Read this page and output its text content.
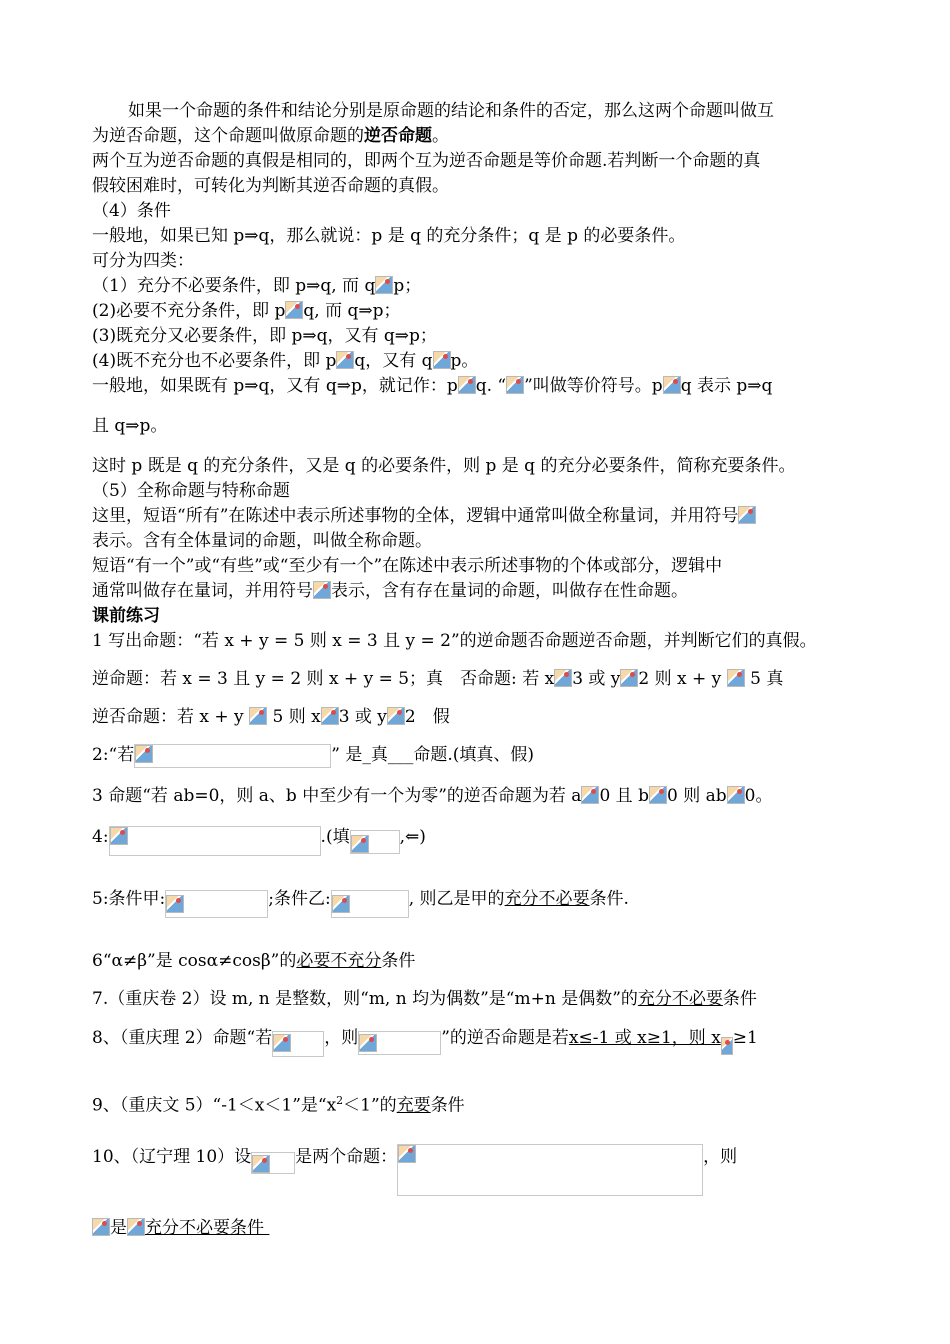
如果一个命题的条件和结论分别是原命题的结论和条件的否定，那么这两个命题叫做互
为逆否命题，这个命题叫做原命题的逆否命题。
两个互为逆否命题的真假是相同的，即两个互为逆否命题是等价命题.若判断一个命题的真
假较困难时，可转化为判断其逆否命题的真假。
（4）条件
一般地，如果已知 p⇒q，那么就说：p 是 q 的充分条件；q 是 p 的必要条件。
可分为四类：
（1）充分不必要条件，即 p⇒q, 而 q p；
(2)必要不充分条件，即 p q, 而 q⇒p；
(3)既充分又必要条件，即 p⇒q，又有 q⇒p；
(4)既不充分也不必要条件，即 p q，又有 q p。
一般地，如果既有 p⇒q，又有 q⇒p，就记作：p q. “ ”叫做等价符号。p q 表示 p⇒q
且 q⇒p。
这时 p 既是 q 的充分条件，又是 q 的必要条件，则 p 是 q 的充分必要条件，简称充要条件。
（5）全称命题与特称命题
这里，短语“所有”在陈述中表示所述事物的全体，逻辑中通常叫做全称量词，并用符号
表示。含有全体量词的命题，叫做全称命题。
短语“有一个”或“有些”或“至少有一个”在陈述中表示所述事物的个体或部分，逻辑中
通常叫做存在量词，并用符号 表示，含有存在量词的命题，叫做存在性命题。
课前练习
1 写出命题：“若 x + y = 5 则 x = 3 且 y = 2”的逆命题否命题逆否命题，并判断它们的真假。
逆命题：若 x = 3 且 y = 2 则 x + y = 5；真　 否命题: 若 x 3 或 y 2 则 x + y 5 真
逆否命题：若 x + y 5 则 x 3 或 y 2　假
2:“若	” 是_真___命题.(填真、假)
3 命题“若 ab=0，则 a、b 中至少有一个为零”的逆否命题为若 a 0 且 b 0 则 ab 0。
4:	.(填	,⇐)
5:条件甲:	;条件乙:	, 则乙是甲的充分不必要条件.
6“α≠β”是 cosα≠cosβ”的必要不充分条件
7.（重庆卷 2）设 m, n 是整数，则“m, n 均为偶数”是“m+n 是偶数”的充分不必要条件
8、（重庆理 2）命题“若	，则	”的逆否命题是若x≤-1 或 x≥1，则 x ≥1
9、（重庆文 5）“-1＜x＜1”是“$x^2<1$”的充要条件
10、（辽宁理 10）设	是两个命题：	，则
是 充分不必要条件
